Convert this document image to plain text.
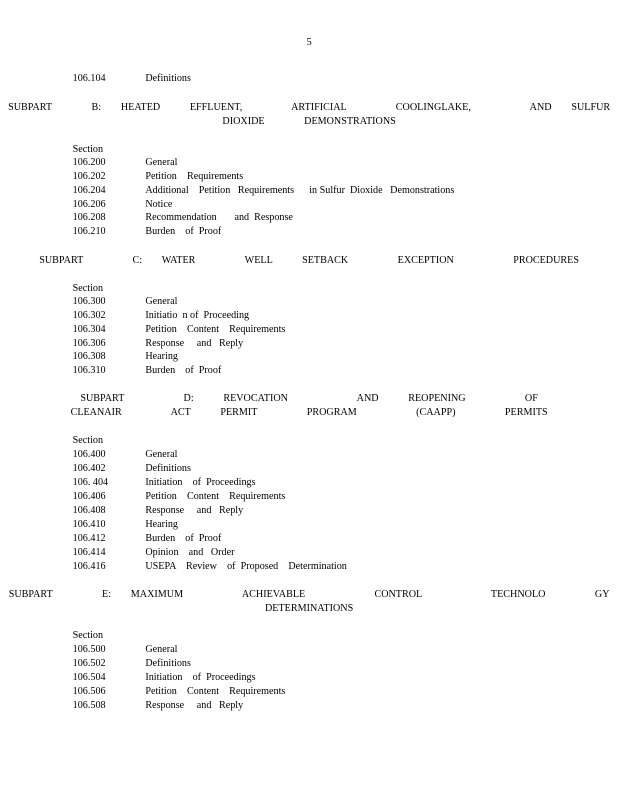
5
106.104	Definitions
SUBPART    B:  HEATED   EFFLUENT,     ARTIFICIAL     COOLINGLAKE,      AND  SULFUR
DIOXIDE    DEMONSTRATIONS
Section
106.200	General
106.202	Petition    Requirements
106.204	Additional    Petition   Requirements      in Sulfur  Dioxide   Demonstrations
106.206	Notice
106.208	Recommendation       and  Response
106.210	Burden    of  Proof
SUBPART     C:  WATER     WELL   SETBACK     EXCEPTION      PROCEDURES
Section
106.300	General
106.302	Initiatio  n of  Proceeding
106.304	Petition    Content    Requirements
106.306	Response     and   Reply
106.308	Hearing
106.310	Burden    of  Proof
SUBPART      D:   REVOCATION       AND   REOPENING      OF
CLEANAIR     ACT   PERMIT     PROGRAM      (CAAPP)     PERMITS
Section
106.400	General
106.402	Definitions
106. 404	Initiation    of  Proceedings
106.406	Petition    Content    Requirements
106.408	Response     and   Reply
106.410	Hearing
106.412	Burden    of  Proof
106.414	Opinion    and   Order
106.416	USEPA    Review    of  Proposed    Determination
SUBPART     E:  MAXIMUM      ACHIEVABLE       CONTROL       TECHNOLO     GY
DETERMINATIONS
Section
106.500	General
106.502	Definitions
106.504	Initiation    of  Proceedings
106.506	Petition    Content    Requirements
106.508	Response     and   Reply
